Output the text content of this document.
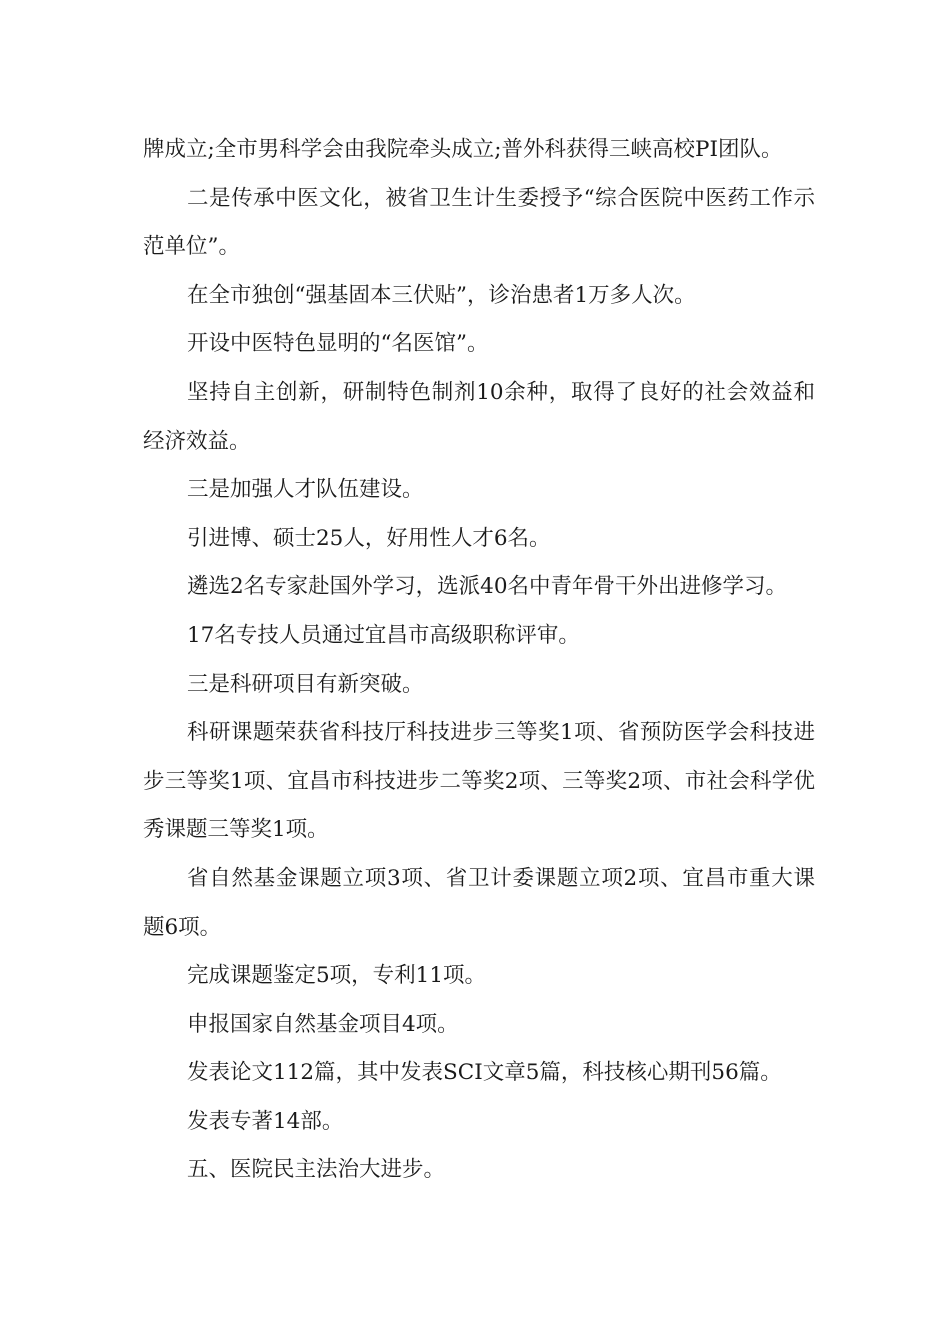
牌成立;全市男科学会由我院牵头成立;普外科获得三峡高校PI团队。

二是传承中医文化，被省卫生计生委授予“综合医院中医药工作示范单位”。

在全市独创“强基固本三伏贴”，诊治患者1万多人次。

开设中医特色显明的“名医馆”。

坚持自主创新，研制特色制剂10余种，取得了良好的社会效益和经济效益。

三是加强人才队伍建设。

引进博、硕士25人，好用性人才6名。

遴选2名专家赴国外学习，选派40名中青年骨干外出进修学习。

17名专技人员通过宜昌市高级职称评审。

三是科研项目有新突破。

科研课题荣获省科技厅科技进步三等奖1项、省预防医学会科技进步三等奖1项、宜昌市科技进步二等奖2项、三等奖2项、市社会科学优秀课题三等奖1项。

省自然基金课题立项3项、省卫计委课题立项2项、宜昌市重大课题6项。

完成课题鉴定5项，专利11项。

申报国家自然基金项目4项。

发表论文112篇，其中发表SCI文章5篇，科技核心期刊56篇。

发表专著14部。

五、医院民主法治大进步。
